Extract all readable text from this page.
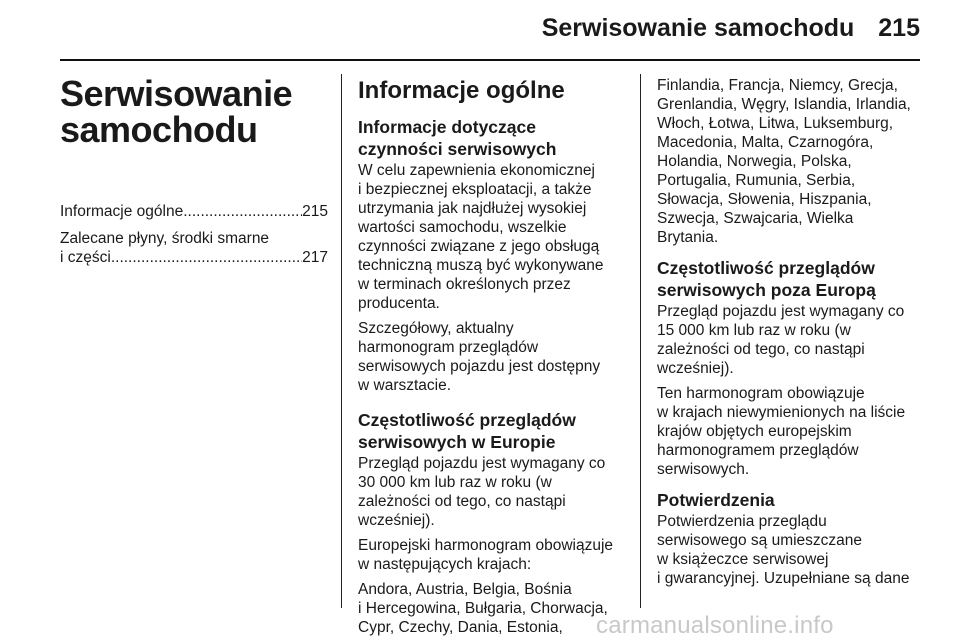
Serwisowanie samochodu 215
Serwisowanie
samochodu
Informacje ogólne .....	215
Zalecane płyny, środki smarne
i części .....	217
Informacje ogólne
Informacje dotyczące
czynności serwisowych

W celu zapewnienia ekonomicznej
i bezpiecznej eksploatacji, a także
utrzymania jak najdłużej wysokiej
wartości samochodu, wszelkie
czynności związane z jego obsługą
techniczną muszą być wykonywane
w terminach określonych przez
producenta.

Szczegółowy, aktualny
harmonogram przeglądów
serwisowych pojazdu jest dostępny
w warsztacie.

Częstotliwość przeglądów
serwisowych w Europie

Przegląd pojazdu jest wymagany co
30 000 km lub raz w roku (w
zależności od tego, co nastąpi
wcześniej).

Europejski harmonogram obowiązuje
w następujących krajach:

Andora, Austria, Belgia, Bośnia
i Hercegowina, Bułgaria, Chorwacja,
Cypr, Czechy, Dania, Estonia,

Finlandia, Francja, Niemcy, Grecja,
Grenlandia, Węgry, Islandia, Irlandia,
Włoch, Łotwa, Litwa, Luksemburg,
Macedonia, Malta, Czarnogóra,
Holandia, Norwegia, Polska,
Portugalia, Rumunia, Serbia,
Słowacja, Słowenia, Hiszpania,
Szwecja, Szwajcaria, Wielka
Brytania.

Częstotliwość przeglądów
serwisowych poza Europą

Przegląd pojazdu jest wymagany co
15 000 km lub raz w roku (w
zależności od tego, co nastąpi
wcześniej).

Ten harmonogram obowiązuje
w krajach niewymienionych na liście
krajów objętych europejskim
harmonogramem przeglądów
serwisowych.

Potwierdzenia

Potwierdzenia przeglądu
serwisowego są umieszczane
w książeczce serwisowej
i gwarancyjnej. Uzupełniane są dane

carmanualsonline.info
